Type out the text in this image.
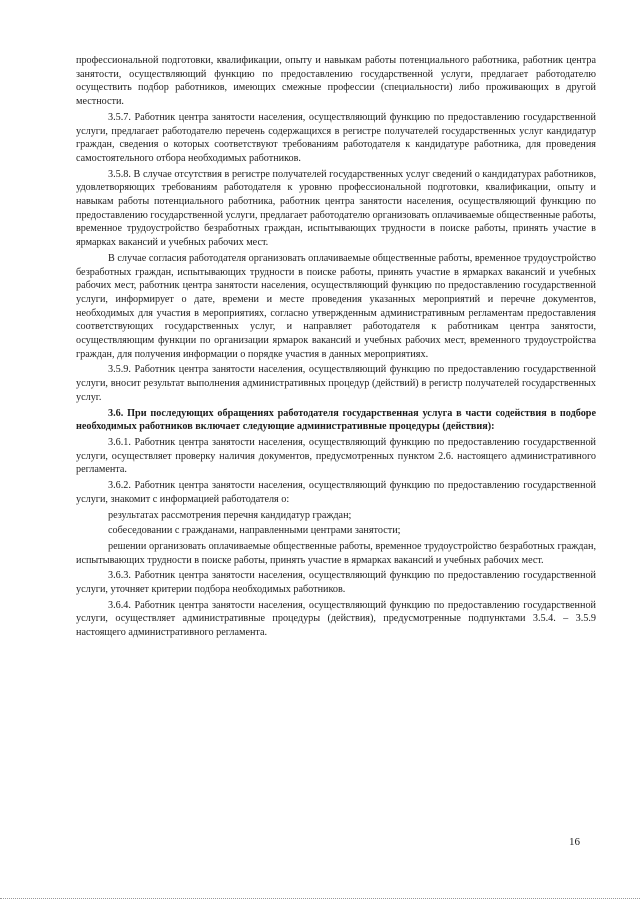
профессиональной подготовки, квалификации, опыту и навыкам работы потенциального работника, работник центра занятости, осуществляющий функцию по предоставлению государственной услуги, предлагает работодателю осуществить подбор работников, имеющих смежные профессии (специальности) либо проживающих в другой местности.

3.5.7. Работник центра занятости населения, осуществляющий функцию по предоставлению государственной услуги, предлагает работодателю перечень содержащихся в регистре получателей государственных услуг кандидатур граждан, сведения о которых соответствуют требованиям работодателя к кандидатуре работника, для проведения самостоятельного отбора необходимых работников.

3.5.8. В случае отсутствия в регистре получателей государственных услуг сведений о кандидатурах работников, удовлетворяющих требованиям работодателя к уровню профессиональной подготовки, квалификации, опыту и навыкам работы потенциального работника, работник центра занятости населения, осуществляющий функцию по предоставлению государственной услуги, предлагает работодателю организовать оплачиваемые общественные работы, временное трудоустройство безработных граждан, испытывающих трудности в поиске работы, принять участие в ярмарках вакансий и учебных рабочих мест.

В случае согласия работодателя организовать оплачиваемые общественные работы, временное трудоустройство безработных граждан, испытывающих трудности в поиске работы, принять участие в ярмарках вакансий и учебных рабочих мест, работник центра занятости населения, осуществляющий функцию по предоставлению государственной услуги, информирует о дате, времени и месте проведения указанных мероприятий и перечне документов, необходимых для участия в мероприятиях, согласно утвержденным административным регламентам предоставления соответствующих государственных услуг, и направляет работодателя к работникам центра занятости, осуществляющим функции по организации ярмарок вакансий и учебных рабочих мест, временного трудоустройства граждан, для получения информации о порядке участия в данных мероприятиях.

3.5.9. Работник центра занятости населения, осуществляющий функцию по предоставлению государственной услуги, вносит результат выполнения административных процедур (действий) в регистр получателей государственных услуг.

3.6. При последующих обращениях работодателя государственная услуга в части содействия в подборе необходимых работников включает следующие административные процедуры (действия):

3.6.1. Работник центра занятости населения, осуществляющий функцию по предоставлению государственной услуги, осуществляет проверку наличия документов, предусмотренных пунктом 2.6. настоящего административного регламента.

3.6.2. Работник центра занятости населения, осуществляющий функцию по предоставлению государственной услуги, знакомит с информацией работодателя о:

результатах рассмотрения перечня кандидатур граждан;

собеседовании с гражданами, направленными центрами занятости;

решении организовать оплачиваемые общественные работы, временное трудоустройство безработных граждан, испытывающих трудности в поиске работы, принять участие в ярмарках вакансий и учебных рабочих мест.

3.6.3. Работник центра занятости населения, осуществляющий функцию по предоставлению государственной услуги, уточняет критерии подбора необходимых работников.

3.6.4. Работник центра занятости населения, осуществляющий функцию по предоставлению государственной услуги, осуществляет административные процедуры (действия), предусмотренные подпунктами 3.5.4. – 3.5.9 настоящего административного регламента.

16
